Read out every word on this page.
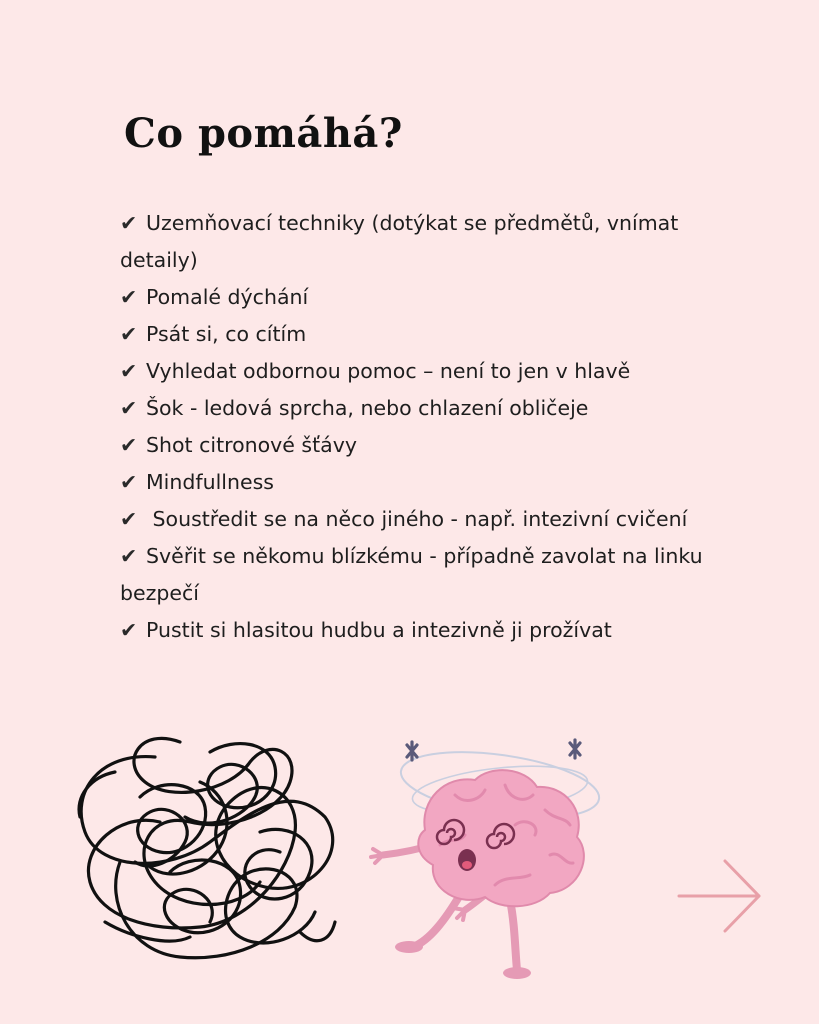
Co pomáhá?
✔ Uzemňovací techniky (dotýkat se předmětů, vnímat detaily)
✔ Pomalé dýchání
✔ Psát si, co cítím
✔ Vyhledat odbornou pomoc – není to jen v hlavě
✔ Šok - ledová sprcha, nebo chlazení obličeje
✔ Shot citronové šťávy
✔ Mindfullness
✔ Soustředit se na něco jiného - např. intezivní cvičení
✔ Svěřit se někomu blízkému - případně zavolat na linku bezpečí
✔ Pustit si hlasitou hudbu a intezivně ji prožívat
